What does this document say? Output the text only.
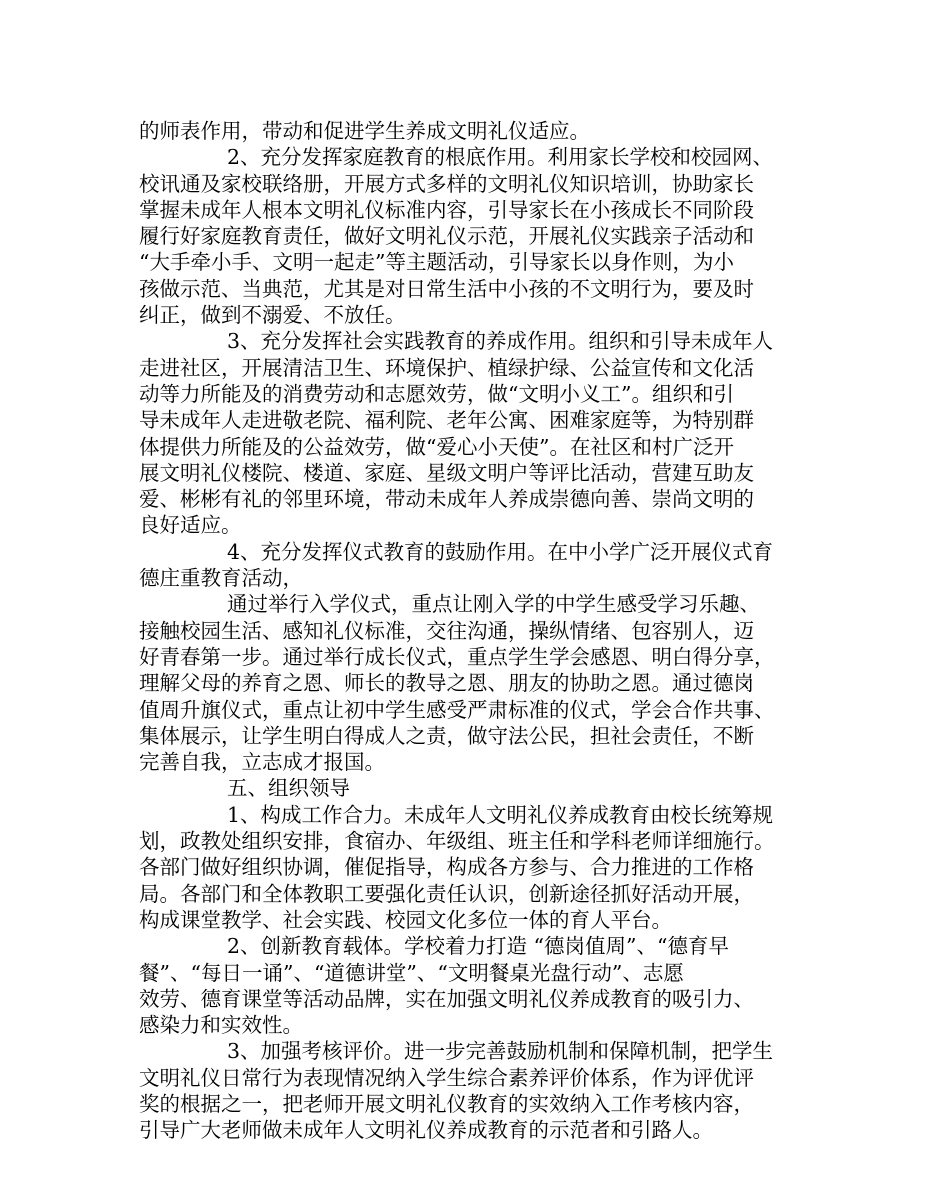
的师表作用，带动和促进学生养成文明礼仪适应。
2、充分发挥家庭教育的根底作用。利用家长学校和校园网、
校讯通及家校联络册，开展方式多样的文明礼仪知识培训，协助家长
掌握未成年人根本文明礼仪标准内容，引导家长在小孩成长不同阶段
履行好家庭教育责任，做好文明礼仪示范，开展礼仪实践亲子活动和
“大手牵小手、文明一起走”等主题活动，引导家长以身作则，为小
孩做示范、当典范，尤其是对日常生活中小孩的不文明行为，要及时
纠正，做到不溺爱、不放任。
3、充分发挥社会实践教育的养成作用。组织和引导未成年人
走进社区，开展清洁卫生、环境保护、植绿护绿、公益宣传和文化活
动等力所能及的消费劳动和志愿效劳，做“文明小义工”。组织和引
导未成年人走进敬老院、福利院、老年公寓、困难家庭等，为特别群
体提供力所能及的公益效劳，做“爱心小天使”。在社区和村广泛开
展文明礼仪楼院、楼道、家庭、星级文明户等评比活动，营建互助友
爱、彬彬有礼的邻里环境，带动未成年人养成崇德向善、崇尚文明的
良好适应。
4、充分发挥仪式教育的鼓励作用。在中小学广泛开展仪式育
德庄重教育活动，
通过举行入学仪式，重点让刚入学的中学生感受学习乐趣、
接触校园生活、感知礼仪标准，交往沟通，操纵情绪、包容别人，迈
好青春第一步。通过举行成长仪式，重点学生学会感恩、明白得分享，
理解父母的养育之恩、师长的教导之恩、朋友的协助之恩。通过德岗
值周升旗仪式，重点让初中学生感受严肃标准的仪式，学会合作共事、
集体展示，让学生明白得成人之责，做守法公民，担社会责任，不断
完善自我，立志成才报国。
五、组织领导
1、构成工作合力。未成年人文明礼仪养成教育由校长统筹规
划，政教处组织安排，食宿办、年级组、班主任和学科老师详细施行。
各部门做好组织协调，催促指导，构成各方参与、合力推进的工作格
局。各部门和全体教职工要强化责任认识，创新途径抓好活动开展，
构成课堂教学、社会实践、校园文化多位一体的育人平台。
2、创新教育载体。学校着力打造 “德岗值周”、“德育早
餐”、“每日一诵”、“道德讲堂”、“文明餐桌光盘行动”、志愿
效劳、德育课堂等活动品牌，实在加强文明礼仪养成教育的吸引力、
感染力和实效性。
3、加强考核评价。进一步完善鼓励机制和保障机制，把学生
文明礼仪日常行为表现情况纳入学生综合素养评价体系，作为评优评
奖的根据之一，把老师开展文明礼仪教育的实效纳入工作考核内容，
引导广大老师做未成年人文明礼仪养成教育的示范者和引路人。
